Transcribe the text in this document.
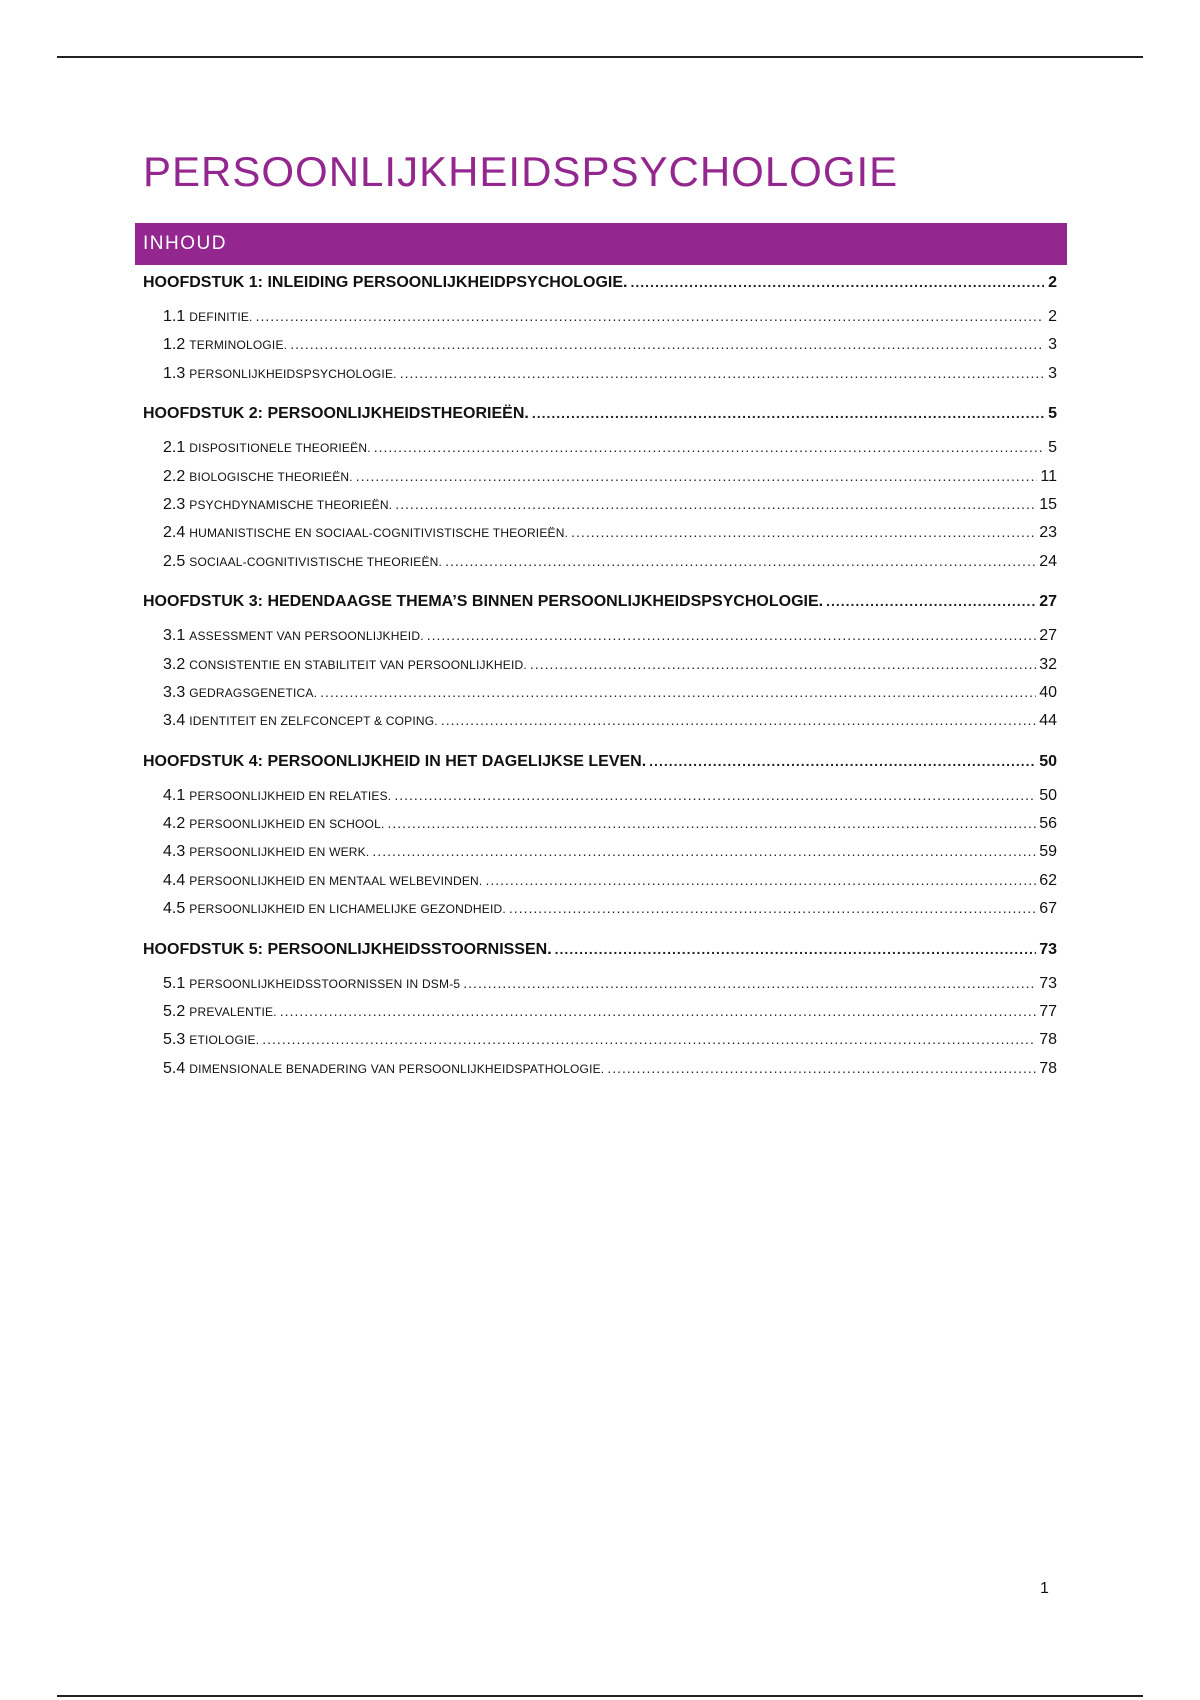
PERSOONLIJKHEIDSPSYCHOLOGIE
INHOUD
HOOFDSTUK 1: INLEIDING PERSOONLIJKHEIDPSYCHOLOGIE. .....	2
1.1 DEFINITIE. .....	2
1.2 TERMINOLOGIE. .....	3
1.3 PERSONLIJKHEIDSPSYCHOLOGIE. .....	3
HOOFDSTUK 2: PERSOONLIJKHEIDSTHEORIEËN. .....	5
2.1 DISPOSITIONELE THEORIEËN. .....	5
2.2 BIOLOGISCHE THEORIEËN. .....	11
2.3 PSYCHDYNAMISCHE THEORIEËN. .....	15
2.4 HUMANISTISCHE EN SOCIAAL-COGNITIVISTISCHE THEORIEËN. .....	23
2.5 SOCIAAL-COGNITIVISTISCHE THEORIEËN. .....	24
HOOFDSTUK 3: HEDENDAAGSE THEMA’S BINNEN PERSOONLIJKHEIDSPSYCHOLOGIE. .....	27
3.1 ASSESSMENT VAN PERSOONLIJKHEID. .....	27
3.2 CONSISTENTIE EN STABILITEIT VAN PERSOONLIJKHEID. .....	32
3.3 GEDRAGSGENETICA. .....	40
3.4 IDENTITEIT EN ZELFCONCEPT & COPING. .....	44
HOOFDSTUK 4: PERSOONLIJKHEID IN HET DAGELIJKSE LEVEN. .....	50
4.1 PERSOONLIJKHEID EN RELATIES. .....	50
4.2 PERSOONLIJKHEID EN SCHOOL. .....	56
4.3 PERSOONLIJKHEID EN WERK. .....	59
4.4 PERSOONLIJKHEID EN MENTAAL WELBEVINDEN. .....	62
4.5 PERSOONLIJKHEID EN LICHAMELIJKE GEZONDHEID. .....	67
HOOFDSTUK 5: PERSOONLIJKHEIDSSTOORNISSEN. .....	73
5.1 PERSOONLIJKHEIDSSTOORNISSEN IN DSM-5 .....	73
5.2 PREVALENTIE. .....	77
5.3 ETIOLOGIE. .....	78
5.4 DIMENSIONALE BENADERING VAN PERSOONLIJKHEIDSPATHOLOGIE. .....	78
1
